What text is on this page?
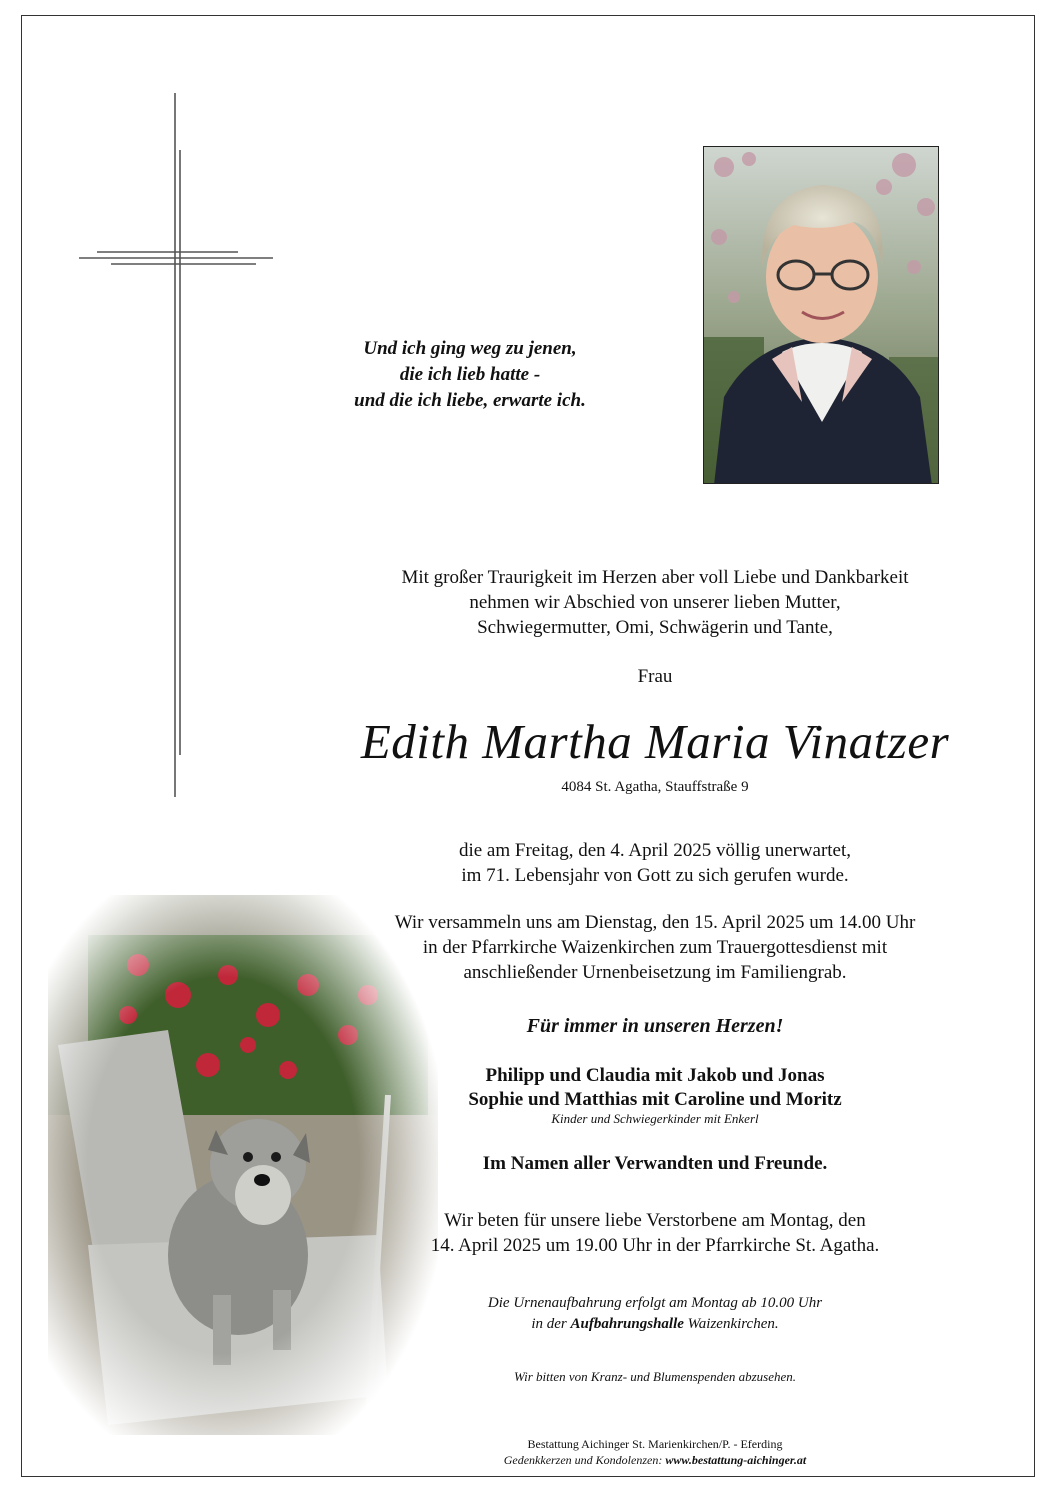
Und ich ging weg zu jenen,
die ich lieb hatte -
und die ich liebe, erwarte ich.
Mit großer Traurigkeit im Herzen aber voll Liebe und Dankbarkeit
nehmen wir Abschied von unserer lieben Mutter,
Schwiegermutter, Omi, Schwägerin und Tante,
Frau
Edith Martha Maria Vinatzer
4084 St. Agatha, Stauffstraße 9
die am Freitag, den 4. April 2025 völlig unerwartet,
im 71. Lebensjahr von Gott zu sich gerufen wurde.
Wir versammeln uns am Dienstag, den 15. April 2025 um 14.00 Uhr
in der Pfarrkirche Waizenkirchen zum Trauergottesdienst mit
anschließender Urnenbeisetzung im Familiengrab.
Für immer in unseren Herzen!
Philipp und Claudia mit Jakob und Jonas
Sophie und Matthias mit Caroline und Moritz
Kinder und Schwiegerkinder mit Enkerl
Im Namen aller Verwandten und Freunde.
Wir beten für unsere liebe Verstorbene am Montag, den
14. April 2025 um 19.00 Uhr in der Pfarrkirche St. Agatha.
Die Urnenaufbahrung erfolgt am Montag ab 10.00 Uhr
in der Aufbahrungshalle Waizenkirchen.
Wir bitten von Kranz- und Blumenspenden abzusehen.
Bestattung Aichinger St. Marienkirchen/P. - Eferding
Gedenkkerzen und Kondolenzen: www.bestattung-aichinger.at
